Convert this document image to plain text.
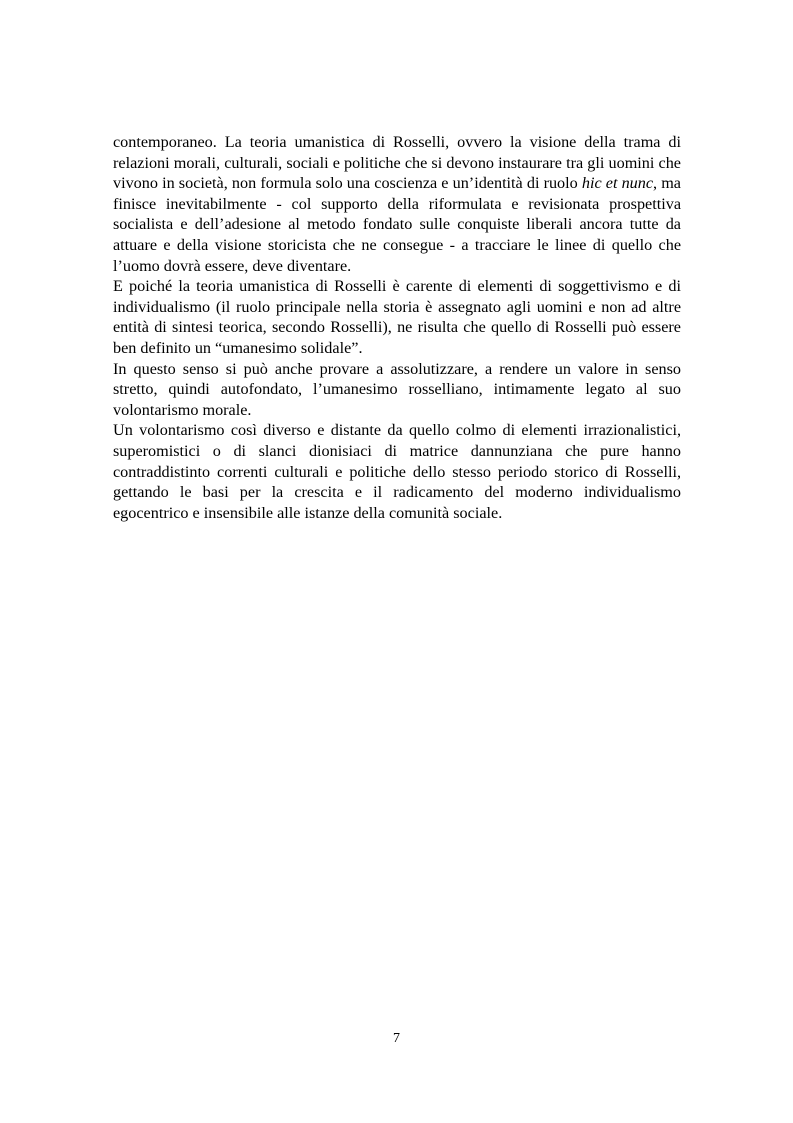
contemporaneo. La teoria umanistica di Rosselli, ovvero la visione della trama di relazioni morali, culturali, sociali e politiche che si devono instaurare tra gli uomini che vivono in società, non formula solo una coscienza e un’identità di ruolo hic et nunc, ma finisce inevitabilmente - col supporto della riformulata e revisionata prospettiva socialista e dell’adesione al metodo fondato sulle conquiste liberali ancora tutte da attuare e della visione storicista che ne consegue - a tracciare le linee di quello che l’uomo dovrà essere, deve diventare.

E poiché la teoria umanistica di Rosselli è carente di elementi di soggettivismo e di individualismo (il ruolo principale nella storia è assegnato agli uomini e non ad altre entità di sintesi teorica, secondo Rosselli), ne risulta che quello di Rosselli può essere ben definito un “umanesimo solidale”.

In questo senso si può anche provare a assolutizzare, a rendere un valore in senso stretto, quindi autofondato, l’umanesimo rosselliano, intimamente legato al suo volontarismo morale.

Un volontarismo così diverso e distante da quello colmo di elementi irrazionalistici, superomistici o di slanci dionisiaci di matrice dannunziana che pure hanno contraddistinto correnti culturali e politiche dello stesso periodo storico di Rosselli, gettando le basi per la crescita e il radicamento del moderno individualismo egocentrico e insensibile alle istanze della comunità sociale.

7
